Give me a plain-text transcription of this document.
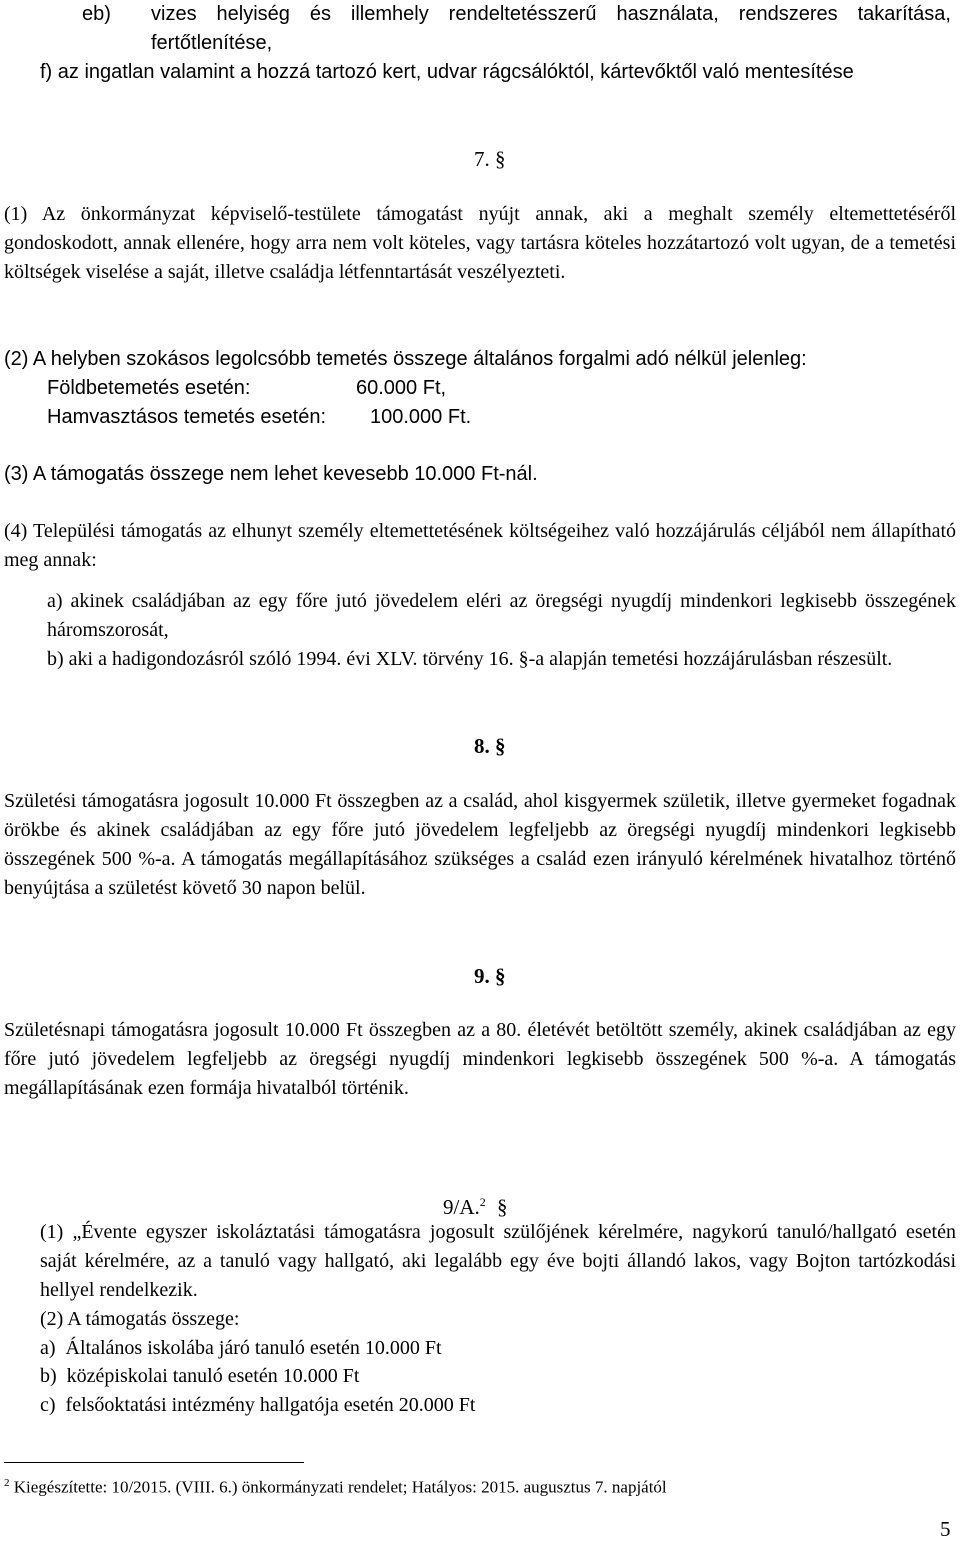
eb) vizes helyiség és illemhely rendeltetésszerű használata, rendszeres takarítása, fertőtlenítése,
f) az ingatlan valamint a hozzá tartozó kert, udvar rágcsálóktól, kártevőktől való mentesítése
7. §
(1) Az önkormányzat képviselő-testülete támogatást nyújt annak, aki a meghalt személy eltemettetéséről gondoskodott, annak ellenére, hogy arra nem volt köteles, vagy tartásra köteles hozzátartozó volt ugyan, de a temetési költségek viselése a saját, illetve családja létfenntartását veszélyezteti.
(2) A helyben szokásos legolcsóbb temetés összege általános forgalmi adó nélkül jelenleg:
Földbetemetés esetén:	60.000 Ft,
Hamvasztásos temetés esetén: 100.000 Ft.
(3) A támogatás összege nem lehet kevesebb 10.000 Ft-nál.
(4) Települési támogatás az elhunyt személy eltemettetésének költségeihez való hozzájárulás céljából nem állapítható meg annak:
a) akinek családjában az egy főre jutó jövedelem eléri az öregségi nyugdíj mindenkori legkisebb összegének háromszorosát,
b) aki a hadigondozásról szóló 1994. évi XLV. törvény 16. §-a alapján temetési hozzájárulásban részesült.
8. §
Születési támogatásra jogosult 10.000 Ft összegben az a család, ahol kisgyermek születik, illetve gyermeket fogadnak örökbe és akinek családjában az egy főre jutó jövedelem legfeljebb az öregségi nyugdíj mindenkori legkisebb összegének 500 %-a. A támogatás megállapításához szükséges a család ezen irányuló kérelmének hivatalhoz történő benyújtása a születést követő 30 napon belül.
9. §
Születésnapi támogatásra jogosult 10.000 Ft összegben az a 80. életévét betöltött személy, akinek családjában az egy főre jutó jövedelem legfeljebb az öregségi nyugdíj mindenkori legkisebb összegének 500 %-a. A támogatás megállapításának ezen formája hivatalból történik.
9/A.$^2$ §
(1) „Évente egyszer iskoláztatási támogatásra jogosult szülőjének kérelmére, nagykorú tanuló/hallgató esetén saját kérelmére, az a tanuló vagy hallgató, aki legalább egy éve bojti állandó lakos, vagy Bojton tartózkodási hellyel rendelkezik.
(2) A támogatás összege:
a)  Általános iskolába járó tanuló esetén 10.000 Ft
b)  középiskolai tanuló esetén 10.000 Ft
c)  felsőoktatási intézmény hallgatója esetén 20.000 Ft
$^2$ Kiegészítette: 10/2015. (VIII. 6.) önkormányzati rendelet; Hatályos: 2015. augusztus 7. napjától
5
